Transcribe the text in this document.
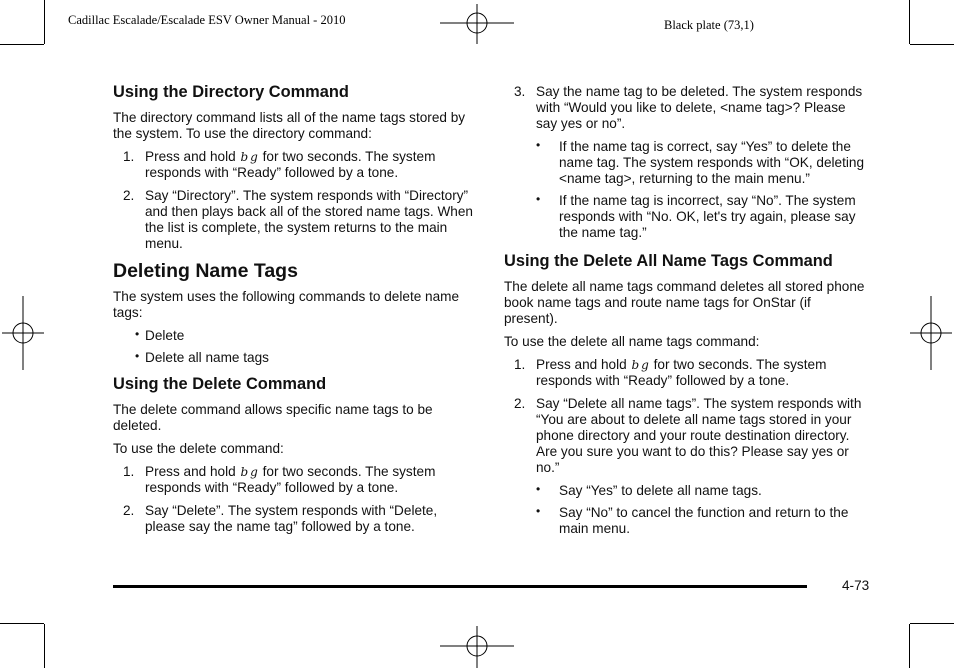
Cadillac Escalade/Escalade ESV Owner Manual - 2010	Black plate (73,1)
Using the Directory Command

The directory command lists all of the name tags stored by the system. To use the directory command:

1. Press and hold b g for two seconds. The system responds with “Ready” followed by a tone.
2. Say “Directory”. The system responds with “Directory” and then plays back all of the stored name tags. When the list is complete, the system returns to the main menu.
Deleting Name Tags

The system uses the following commands to delete name tags:

• Delete
• Delete all name tags
Using the Delete Command

The delete command allows specific name tags to be deleted.

To use the delete command:

1. Press and hold b g for two seconds. The system responds with “Ready” followed by a tone.
2. Say “Delete”. The system responds with “Delete, please say the name tag” followed by a tone.
3. Say the name tag to be deleted. The system responds with “Would you like to delete, <name tag>? Please say yes or no”.
• If the name tag is correct, say “Yes” to delete the name tag. The system responds with “OK, deleting <name tag>, returning to the main menu.”
• If the name tag is incorrect, say “No”. The system responds with “No. OK, let's try again, please say the name tag.”
Using the Delete All Name Tags Command

The delete all name tags command deletes all stored phone book name tags and route name tags for OnStar (if present).

To use the delete all name tags command:

1. Press and hold b g for two seconds. The system responds with “Ready” followed by a tone.
2. Say “Delete all name tags”. The system responds with “You are about to delete all name tags stored in your phone directory and your route destination directory. Are you sure you want to do this? Please say yes or no.”
• Say “Yes” to delete all name tags.
• Say “No” to cancel the function and return to the main menu.
4-73
